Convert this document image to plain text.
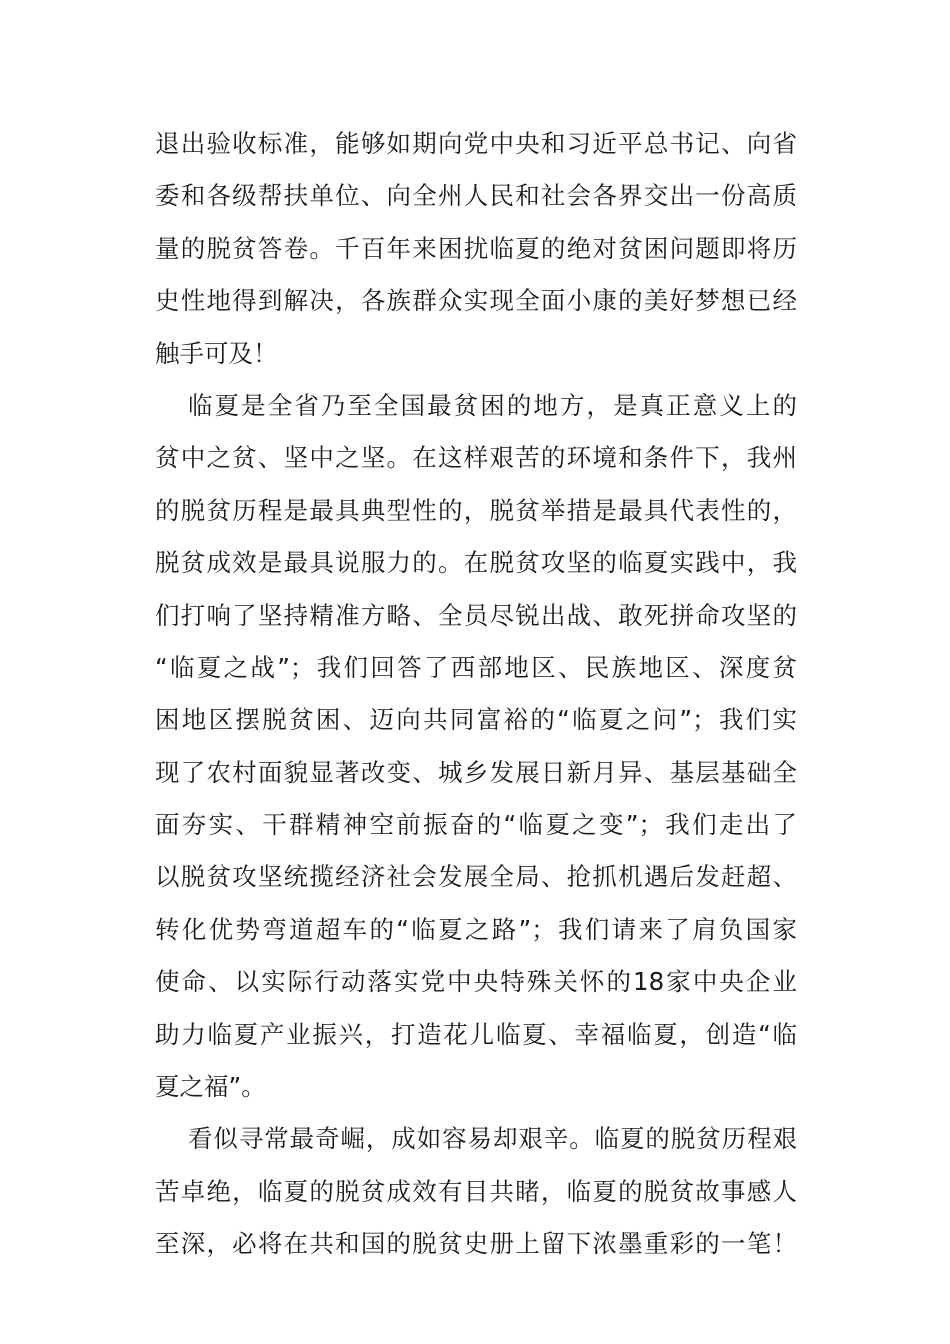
退出验收标准，能够如期向党中央和习近平总书记、向省
委和各级帮扶单位、向全州人民和社会各界交出一份高质
量的脱贫答卷。千百年来困扰临夏的绝对贫困问题即将历
史性地得到解决，各族群众实现全面小康的美好梦想已经
触手可及！
临夏是全省乃至全国最贫困的地方，是真正意义上的
贫中之贫、坚中之坚。在这样艰苦的环境和条件下，我州
的脱贫历程是最具典型性的，脱贫举措是最具代表性的，
脱贫成效是最具说服力的。在脱贫攻坚的临夏实践中，我
们打响了坚持精准方略、全员尽锐出战、敢死拼命攻坚的
“临夏之战”；我们回答了西部地区、民族地区、深度贫
困地区摆脱贫困、迈向共同富裕的“临夏之问”；我们实
现了农村面貌显著改变、城乡发展日新月异、基层基础全
面夯实、干群精神空前振奋的“临夏之变”；我们走出了
以脱贫攻坚统揽经济社会发展全局、抢抓机遇后发赶超、
转化优势弯道超车的“临夏之路”；我们请来了肩负国家
使命、以实际行动落实党中央特殊关怀的18家中央企业
助力临夏产业振兴，打造花儿临夏、幸福临夏，创造“临
夏之福”。
看似寻常最奇崛，成如容易却艰辛。临夏的脱贫历程艰
苦卓绝，临夏的脱贫成效有目共睹，临夏的脱贫故事感人
至深，必将在共和国的脱贫史册上留下浓墨重彩的一笔！
